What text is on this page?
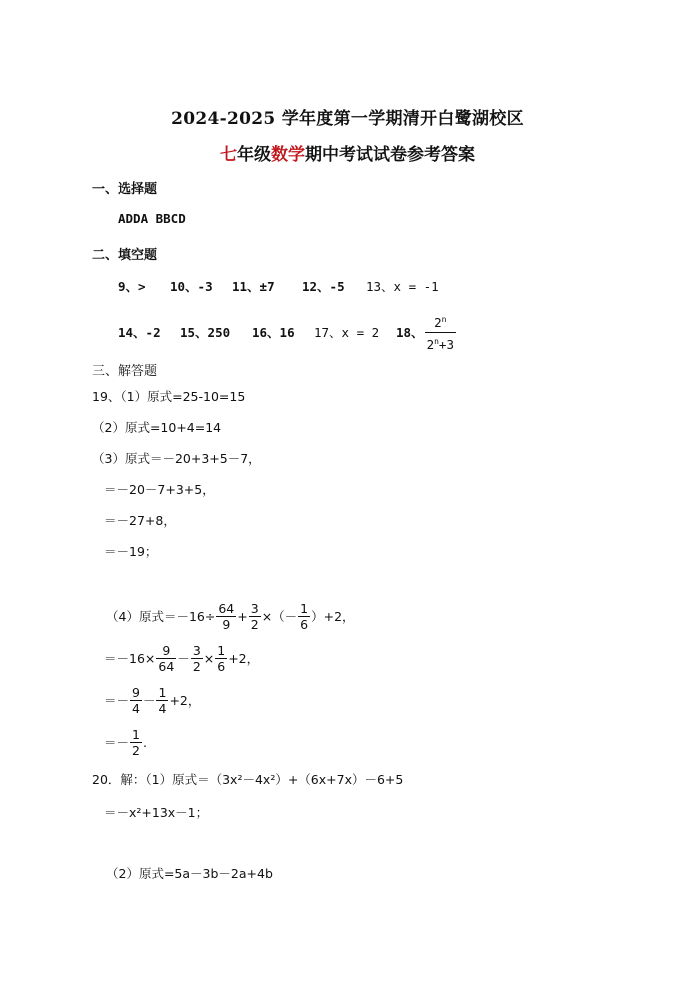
2024-2025 学年度第一学期清开白鹭湖校区
七年级数学期中考试试卷参考答案
一、选择题
ADDA BBCD
二、填空题
9、> 10、-3 11、±7 12、-5 13、x = -1
14、-2	15、250	16、16	17、x = 2	18、 $\frac{2^n}{2^n+3}$
三、解答题
19、（1）原式=25-10=15
（2）原式=10+4=14
（3）原式＝－20+3+5－7，
＝－20－7+3+5，
＝－27+8，
＝－19；
（4）原式$=-16\div \frac{64}{9} + \frac{3}{2}$ ×（－ $\frac{1}{6} )+2$，
$=-16\times \frac{9}{64} - \frac{3}{2} \times \frac{1}{6} +2$，
＝－ $\frac{9}{4} - \frac{1}{4} +2$，
＝－ $\frac{1}{2}$ .
20．解：（1）原式＝（3x²－4x²）+（6x+7x）－6+5
＝－x²+13x－1；
（2）原式=5a－3b－2a+4b
